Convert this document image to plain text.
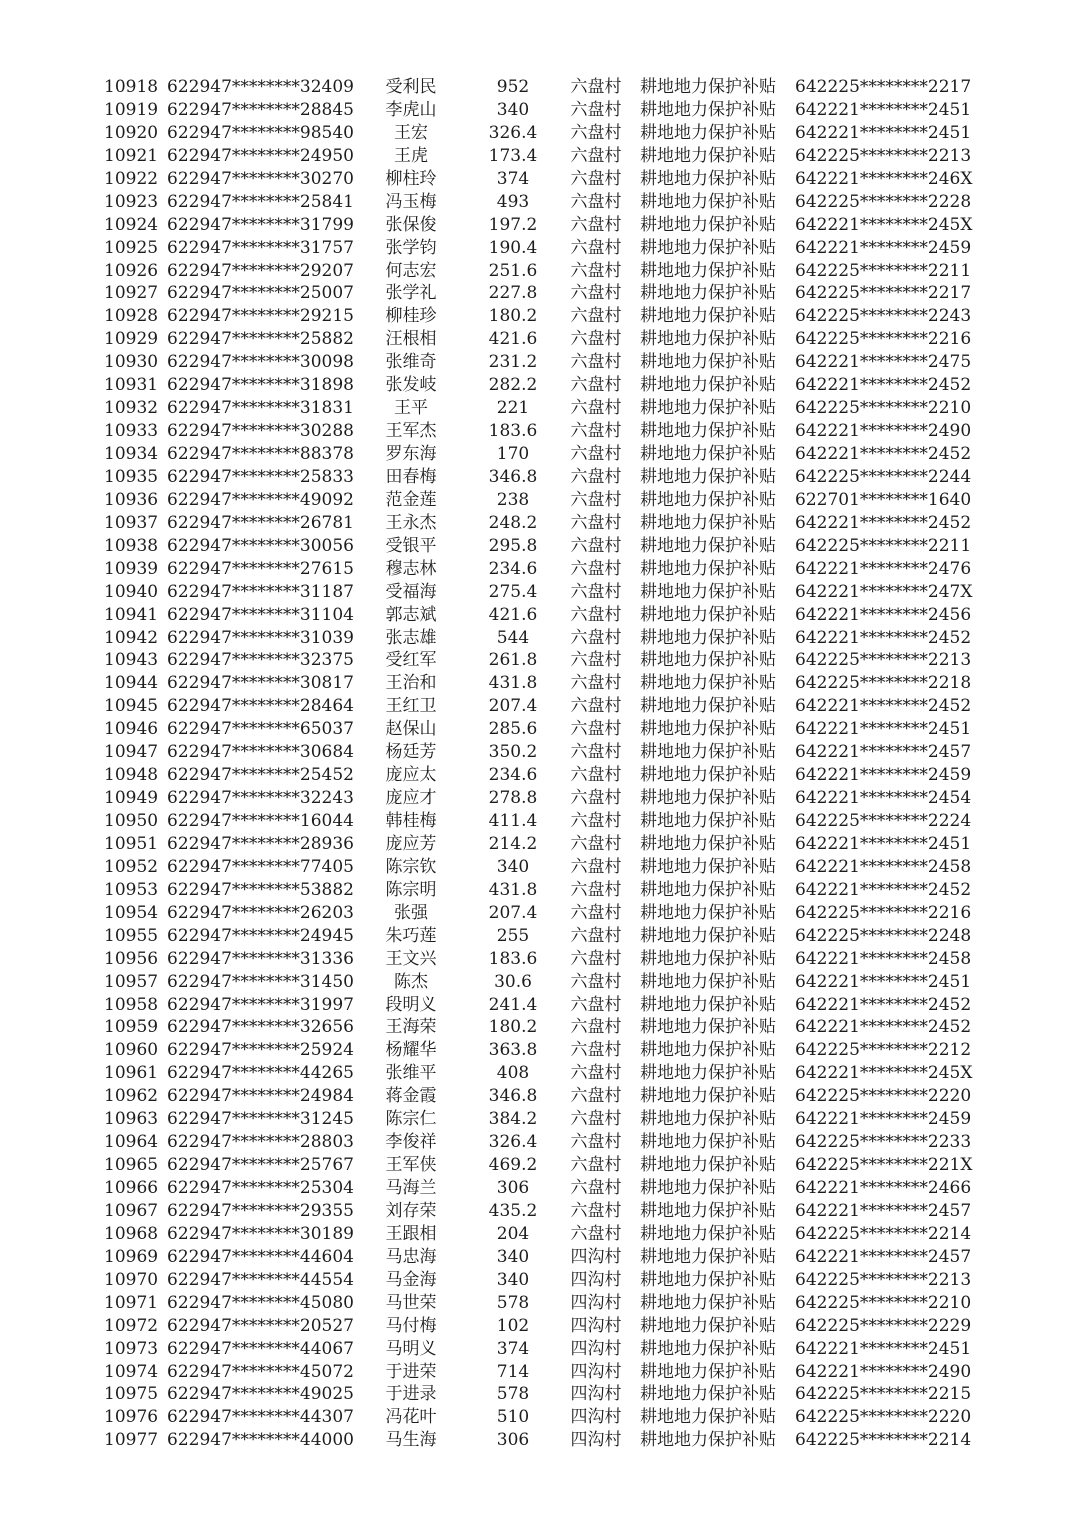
10918 622947********32409	受利民	952	六盘村	耕地地力保护补贴	642225********2217
10919 622947********28845	李虎山	340	六盘村	耕地地力保护补贴	642221********2451
10920 622947********98540	王宏	326.4	六盘村	耕地地力保护补贴	642221********2451
10921 622947********24950	王虎	173.4	六盘村	耕地地力保护补贴	642225********2213
10922 622947********30270	柳柱玲	374	六盘村	耕地地力保护补贴	642221********246X
10923 622947********25841	冯玉梅	493	六盘村	耕地地力保护补贴	642225********2228
10924 622947********31799	张保俊	197.2	六盘村	耕地地力保护补贴	642221********245X
10925 622947********31757	张学钧	190.4	六盘村	耕地地力保护补贴	642221********2459
10926 622947********29207	何志宏	251.6	六盘村	耕地地力保护补贴	642225********2211
10927 622947********25007	张学礼	227.8	六盘村	耕地地力保护补贴	642225********2217
10928 622947********29215	柳桂珍	180.2	六盘村	耕地地力保护补贴	642225********2243
10929 622947********25882	汪根相	421.6	六盘村	耕地地力保护补贴	642225********2216
10930 622947********30098	张维奇	231.2	六盘村	耕地地力保护补贴	642221********2475
10931 622947********31898	张发岐	282.2	六盘村	耕地地力保护补贴	642221********2452
10932 622947********31831	王平	221	六盘村	耕地地力保护补贴	642225********2210
10933 622947********30288	王军杰	183.6	六盘村	耕地地力保护补贴	642221********2490
10934 622947********88378	罗东海	170	六盘村	耕地地力保护补贴	642221********2452
10935 622947********25833	田春梅	346.8	六盘村	耕地地力保护补贴	642225********2244
10936 622947********49092	范金莲	238	六盘村	耕地地力保护补贴	622701********1640
10937 622947********26781	王永杰	248.2	六盘村	耕地地力保护补贴	642221********2452
10938 622947********30056	受银平	295.8	六盘村	耕地地力保护补贴	642225********2211
10939 622947********27615	穆志林	234.6	六盘村	耕地地力保护补贴	642221********2476
10940 622947********31187	受福海	275.4	六盘村	耕地地力保护补贴	642221********247X
10941 622947********31104	郭志斌	421.6	六盘村	耕地地力保护补贴	642221********2456
10942 622947********31039	张志雄	544	六盘村	耕地地力保护补贴	642221********2452
10943 622947********32375	受红军	261.8	六盘村	耕地地力保护补贴	642225********2213
10944 622947********30817	王治和	431.8	六盘村	耕地地力保护补贴	642225********2218
10945 622947********28464	王红卫	207.4	六盘村	耕地地力保护补贴	642221********2452
10946 622947********65037	赵保山	285.6	六盘村	耕地地力保护补贴	642221********2451
10947 622947********30684	杨廷芳	350.2	六盘村	耕地地力保护补贴	642221********2457
10948 622947********25452	庞应太	234.6	六盘村	耕地地力保护补贴	642221********2459
10949 622947********32243	庞应才	278.8	六盘村	耕地地力保护补贴	642221********2454
10950 622947********16044	韩桂梅	411.4	六盘村	耕地地力保护补贴	642225********2224
10951 622947********28936	庞应芳	214.2	六盘村	耕地地力保护补贴	642221********2451
10952 622947********77405	陈宗钦	340	六盘村	耕地地力保护补贴	642221********2458
10953 622947********53882	陈宗明	431.8	六盘村	耕地地力保护补贴	642221********2452
10954 622947********26203	张强	207.4	六盘村	耕地地力保护补贴	642225********2216
10955 622947********24945	朱巧莲	255	六盘村	耕地地力保护补贴	642225********2248
10956 622947********31336	王文兴	183.6	六盘村	耕地地力保护补贴	642221********2458
10957 622947********31450	陈杰	30.6	六盘村	耕地地力保护补贴	642221********2451
10958 622947********31997	段明义	241.4	六盘村	耕地地力保护补贴	642221********2452
10959 622947********32656	王海荣	180.2	六盘村	耕地地力保护补贴	642221********2452
10960 622947********25924	杨耀华	363.8	六盘村	耕地地力保护补贴	642225********2212
10961 622947********44265	张维平	408	六盘村	耕地地力保护补贴	642221********245X
10962 622947********24984	蒋金霞	346.8	六盘村	耕地地力保护补贴	642225********2220
10963 622947********31245	陈宗仁	384.2	六盘村	耕地地力保护补贴	642221********2459
10964 622947********28803	李俊祥	326.4	六盘村	耕地地力保护补贴	642225********2233
10965 622947********25767	王军侠	469.2	六盘村	耕地地力保护补贴	642225********221X
10966 622947********25304	马海兰	306	六盘村	耕地地力保护补贴	642221********2466
10967 622947********29355	刘存荣	435.2	六盘村	耕地地力保护补贴	642221********2457
10968 622947********30189	王跟相	204	六盘村	耕地地力保护补贴	642225********2214
10969 622947********44604	马忠海	340	四沟村	耕地地力保护补贴	642221********2457
10970 622947********44554	马金海	340	四沟村	耕地地力保护补贴	642225********2213
10971 622947********45080	马世荣	578	四沟村	耕地地力保护补贴	642225********2210
10972 622947********20527	马付梅	102	四沟村	耕地地力保护补贴	642225********2229
10973 622947********44067	马明义	374	四沟村	耕地地力保护补贴	642221********2451
10974 622947********45072	于进荣	714	四沟村	耕地地力保护补贴	642221********2490
10975 622947********49025	于进录	578	四沟村	耕地地力保护补贴	642225********2215
10976 622947********44307	冯花叶	510	四沟村	耕地地力保护补贴	642225********2220
10977 622947********44000	马生海	306	四沟村	耕地地力保护补贴	642225********2214
